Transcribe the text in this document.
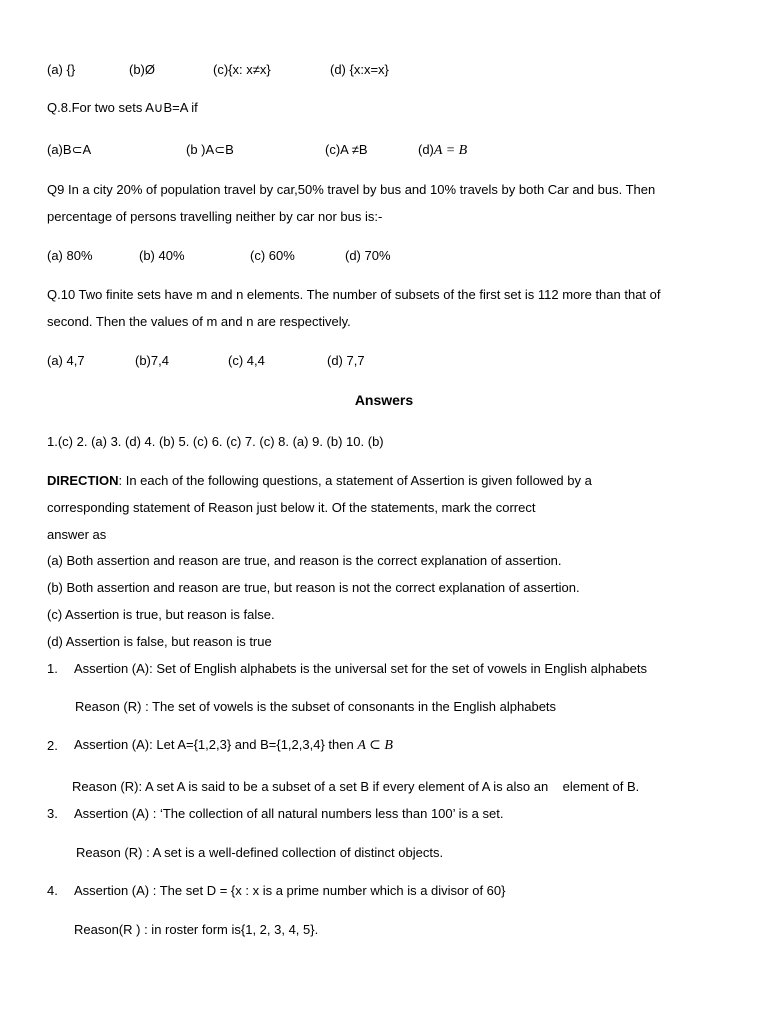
(a) {}	(b)Ø	(c){x: x≠x}	(d) {x:x=x}
Q.8.For two sets A∪B=A if
(a)B⊂A	(b )A⊂B	(c)A ≠B	(d)A = B
Q9 In a city 20% of population travel by car,50% travel by bus and 10% travels by both Car and bus. Then
percentage of persons travelling neither by car nor bus is:-
(a) 80%	(b) 40%	(c) 60%	(d) 70%
Q.10 Two finite sets have m and n elements. The number of subsets of the first set is 112 more than that of
second. Then the values of m and n are respectively.
(a) 4,7	(b)7,4	(c) 4,4	(d) 7,7
Answers
1.(c) 2. (a) 3. (d) 4. (b) 5. (c) 6. (c) 7. (c) 8. (a) 9. (b) 10. (b)
DIRECTION: In each of the following questions, a statement of Assertion is given followed by a
corresponding statement of Reason just below it. Of the statements, mark the correct
answer as
(a) Both assertion and reason are true, and reason is the correct explanation of assertion.
(b) Both assertion and reason are true, but reason is not the correct explanation of assertion.
(c) Assertion is true, but reason is false.
(d) Assertion is false, but reason is true
1. Assertion (A): Set of English alphabets is the universal set for the set of vowels in English alphabets
Reason (R) : The set of vowels is the subset of consonants in the English alphabets
2. Assertion (A): Let A={1,2,3} and B={1,2,3,4} then A ⊂ B
Reason (R): A set A is said to be a subset of a set B if every element of A is also an    element of B.
3. Assertion (A) : ‘The collection of all natural numbers less than 100’ is a set.
Reason (R) : A set is a well-defined collection of distinct objects.
4. Assertion (A) : The set D = {x : x is a prime number which is a divisor of 60}
Reason(R ) : in roster form is{1, 2, 3, 4, 5}.
